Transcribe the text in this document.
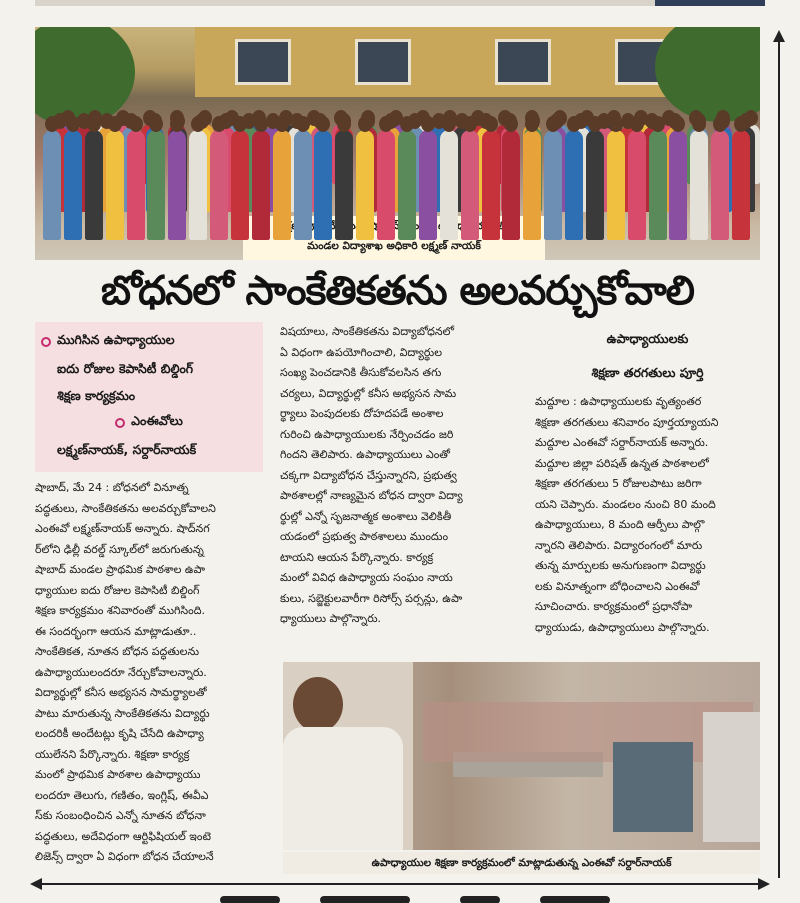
మండల విద్యాశాఖ అధికారి లక్ష్మణ్ నాయక్
బోధనలో సాంకేతికతను అలవర్చుకోవాలి
ముగిసిన ఉపాధ్యాయుల
ఐదు రోజుల కెపాసిటీ బిల్డింగ్
శిక్షణ కార్యక్రమం
ఎంఈవోలు
లక్ష్మణ్‌నాయక్, సర్దార్‌నాయక్

షాబాద్, మే 24 : బోధనలో వినూత్న

పద్ధతులు, సాంకేతికతను అలవర్చుకోవాలని

ఎంఈవో లక్ష్మణ్‌నాయక్ అన్నారు. షాద్‌నగ

ర్‌లోని ఢిల్లీ వరల్డ్ స్కూల్‌లో జరుగుతున్న

షాబాద్ మండల ప్రాథమిక పాఠశాల ఉపా

ధ్యాయుల ఐదు రోజుల కెపాసిటీ బిల్డింగ్

శిక్షణ కార్యక్రమం శనివారంతో ముగిసింది.

ఈ సందర్భంగా ఆయన మాట్లాడుతూ..

సాంకేతికత, నూతన బోధన పద్ధతులను

ఉపాధ్యాయులందరూ నేర్చుకోవాలన్నారు.

విద్యార్థుల్లో కనీస అభ్యసన సామర్థ్యాలతో

పాటు మారుతున్న సాంకేతికతను విద్యార్థు

లందరికీ అందేటట్లు కృషి చేసేది ఉపాధ్యా

యులేనని పేర్కొన్నారు. శిక్షణా కార్యక్ర

మంలో ప్రాథమిక పాఠశాల ఉపాధ్యాయు

లందరూ తెలుగు, గణితం, ఇంగ్లిష్, ఈవీఎ

స్‌కు సంబంధించిన ఎన్నో నూతన బోధనా

పద్ధతులు, అదేవిధంగా ఆర్టిఫిషియల్ ఇంటె

లిజెన్స్ ద్వారా ఏ విధంగా బోధన చేయాలనే

విషయాలు, సాంకేతికతను విద్యాబోధనలో

ఏ విధంగా ఉపయోగించాలి, విద్యార్థుల

సంఖ్య పెంచడానికి తీసుకోవలసిన తగు

చర్యలు, విద్యార్థుల్లో కనీస అభ్యసన సామ

ర్థ్యాలు పెంపుదలకు దోహదపడే అంశాల

గురించి ఉపాధ్యాయులకు నేర్పించడం జరి

గిందని తెలిపారు. ఉపాధ్యాయులు ఎంతో

చక్కగా విద్యాబోధన చేస్తున్నారని, ప్రభుత్వ

పాఠశాలల్లో నాణ్యమైన బోధన ద్వారా విద్యా

ర్థుల్లో ఎన్నో సృజనాత్మక అంశాలు వెలికితీ

యడంలో ప్రభుత్వ పాఠశాలలు ముందుం

టాయని ఆయన పేర్కొన్నారు. కార్యక్ర

మంలో వివిధ ఉపాధ్యాయ సంఘం నాయ

కులు, సబ్జెక్టులవారీగా రిసోర్స్ పర్సన్లు, ఉపా

ధ్యాయులు పాల్గొన్నారు.

ఉపాధ్యాయులకు
శిక్షణా తరగతులు పూర్తి

మద్దూల : ఉపాధ్యాయులకు వృత్యంతర

శిక్షణా తరగతులు శనివారం పూర్తయ్యాయని

మద్దూల ఎంఈవో సర్దార్‌నాయక్ అన్నారు.

మద్దూల జిల్లా పరిషత్ ఉన్నత పాఠశాలలో

శిక్షణా తరగతులు 5 రోజులపాటు జరిగా

యని చెప్పారు. మండలం నుంచి 80 మంది

ఉపాధ్యాయులు, 8 మంది ఆర్పీలు పాల్గొ

న్నారని తెలిపారు. విద్యారంగంలో మారు

తున్న మార్పులకు అనుగుణంగా విద్యార్థు

లకు వినూత్నంగా బోధించాలని ఎంఈవో

సూచించారు. కార్యక్రమంలో ప్రధానోపా

ధ్యాయుడు, ఉపాధ్యాయులు పాల్గొన్నారు.

ఉపాధ్యాయుల శిక్షణా కార్యక్రమంలో మాట్లాడుతున్న ఎంఈవో సర్దార్‌నాయక్
